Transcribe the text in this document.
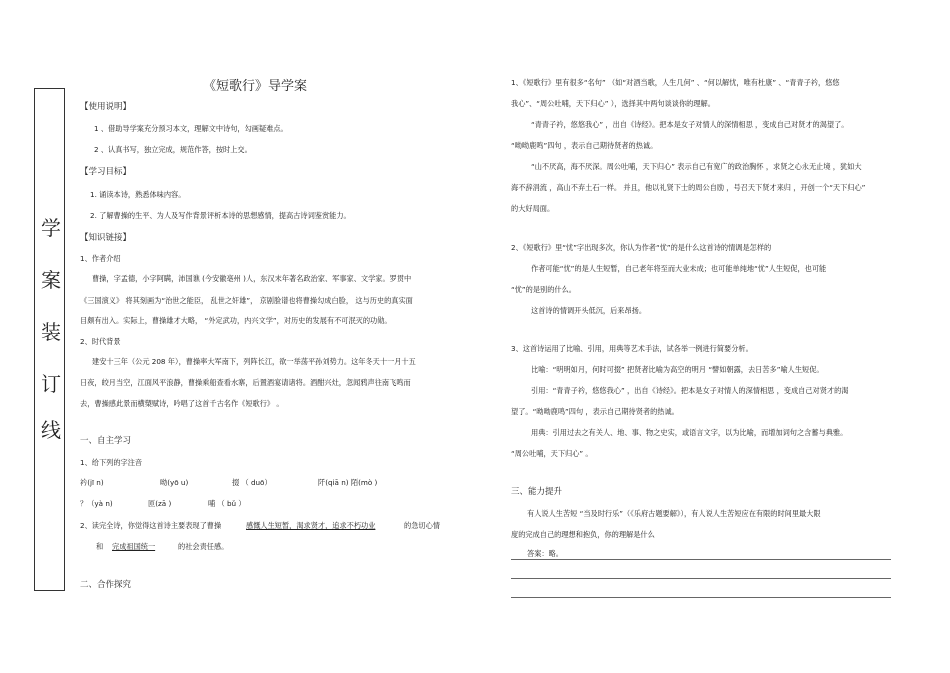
学
案
装
订
线
《短歌行》导学案
【使用说明】
1 、借助导学案充分预习本文，理解文中诗句，勾画疑难点。
2 、认真书写，独立完成，规范作答，按时上交。
【学习目标】
1. 诵读本诗，熟悉体味内容。
2. 了解曹操的生平、为人及写作背景评析本诗的思想感情，提高古诗词鉴赏能力。
【知识链接】
1、作者介绍
曹操，字孟德，小字阿瞒，沛国谯 (今安徽亳州 )人，东汉末年著名政治家、军事家、文学家。罗贯中
《三国演义》 将其刻画为“治世之能臣， 乱世之奸雄”， 京剧脸谱也将曹操勾成白脸， 这与历史的真实面
目颇有出入。实际上，曹操雄才大略， “外定武功，内兴文学”，对历史的发展有不可泯灭的功勋。
2、时代背景
建安十三年（公元 208 年），曹操率大军南下，列阵长江，欲一举荡平孙刘势力。这年冬天十一月十五
日夜，皎月当空，江面风平浪静，曹操乘船查看水寨，后置酒宴请诸将。酒酣兴灶，忽闻鸦声往南飞鸣而
去，曹操感此景而横槊赋诗，吟唱了这首千古名作《短歌行》 。
一、自主学习
1、给下列的字注音
衿(jī n)	呦(yō u)	掇 （ duō）	阡(qiā n) 陌(mò )
？（yà n)	匝(zā )	哺 （ bǔ ）
2、读完全诗，你觉得这首诗主要表现了曹操	感慨人生短暂，渴求贤才，追求不朽功业	的急切心情
和 完成祖国统一	的社会责任感。
二、合作探究
1、《短歌行》里有很多“名句” （如“对酒当歌，人生几何” 、“何以解忧，唯有杜康” 、“青青子衿，悠悠
我心”、“周公吐哺，天下归心” ），选择其中两句谈谈你的理解。
“青青子衿，悠悠我心” ，出自《诗经》。把本是女子对情人的深情相思 ，变成自己对贤才的渴望了。
“呦呦鹿鸣”四句 ，表示自己期待贤者的热诚。
“山不厌高，海不厌深。周公吐哺，天下归心” 表示自己有宽广的政治胸怀 ，求贤之心永无止境 ，犹如大
海不辞涓流 ，高山不弃土石一样。 并且，他以礼贤下士的周公自励 ，号召天下贤才来归 ，开创一个“天下归心”
的大好局面。
2、《短歌行》里“忧”字出现多次，你认为作者“忧”的是什么这首诗的情调是怎样的
作者可能“忧”的是人生短暂，自己老年将至而大业未成；也可能单纯地“忧”人生短促，也可能
“忧”的是别的什么。
这首诗的情调开头低沉，后来昂扬。
3、这首诗运用了比喻、引用，用典等艺术手法，试各举一例进行简要分析。
比喻：“明明如月，何时可掇” 把贤者比喻为高空的明月 “譬如朝露，去日苦多”喻人生短促。
引用：“青青子衿，悠悠我心” ，出自《诗经》。把本是女子对情人的深情相思 ，变成自己对贤才的渴
望了。“呦呦鹿鸣”四句 ，表示自己期待贤者的热诚。
用典：引用过去之有关人、地、事、物之史实，或语言文字，以为比喻，而增加词句之含蓄与典雅。
“周公吐哺，天下归心” 。
三、能力提升
有人说人生苦短 “当及时行乐”（《乐府古题要解》），有人说人生苦短应在有限的时间里最大限
度的完成自己的理想和抱负，你的理解是什么
答案：略。
